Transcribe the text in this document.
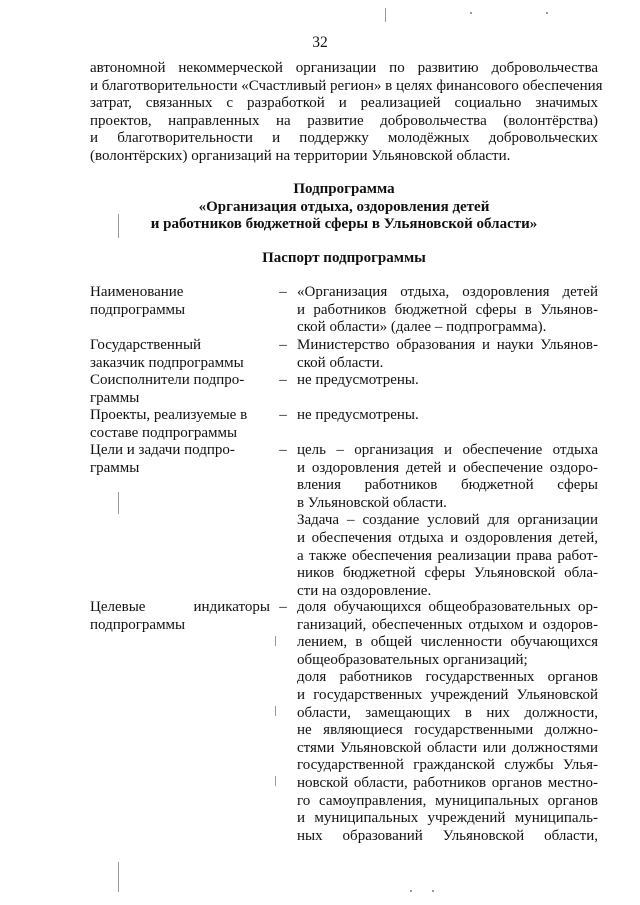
32
автономной некоммерческой организации по развитию добровольчества
и благотворительности «Счастливый регион» в целях финансового обеспечения
затрат, связанных с разработкой и реализацией социально значимых
проектов, направленных на развитие добровольчества (волонтёрства)
и благотворительности и поддержку молодёжных добровольческих
(волонтёрских) организаций на территории Ульяновской области.
Подпрограмма
«Организация отдыха, оздоровления детей
и работников бюджетной сферы в Ульяновской области»
Паспорт подпрограммы
Наименование
подпрограммы
– «Организация отдыха, оздоровления детей
и работников бюджетной сферы в Ульянов-
ской области» (далее – подпрограмма).
Государственный
заказчик подпрограммы
– Министерство образования и науки Ульянов-
ской области.
Соисполнители подпро-
граммы
– не предусмотрены.
Проекты, реализуемые в
составе подпрограммы
– не предусмотрены.
Цели и задачи подпро-
граммы
– цель – организация и обеспечение отдыха
и оздоровления детей и обеспечение оздоро-
вления работников бюджетной сферы
в Ульяновской области.
Задача – создание условий для организации
и обеспечения отдыха и оздоровления детей,
а также обеспечения реализации права работ-
ников бюджетной сферы Ульяновской обла-
сти на оздоровление.
Целевые индикаторы
подпрограммы
– доля обучающихся общеобразовательных ор-
ганизаций, обеспеченных отдыхом и оздоров-
лением, в общей численности обучающихся
общеобразовательных организаций;
доля работников государственных органов
и государственных учреждений Ульяновской
области, замещающих в них должности,
не являющиеся государственными должно-
стями Ульяновской области или должностями
государственной гражданской службы Улья-
новской области, работников органов местно-
го самоуправления, муниципальных органов
и муниципальных учреждений муниципаль-
ных образований Ульяновской области,
